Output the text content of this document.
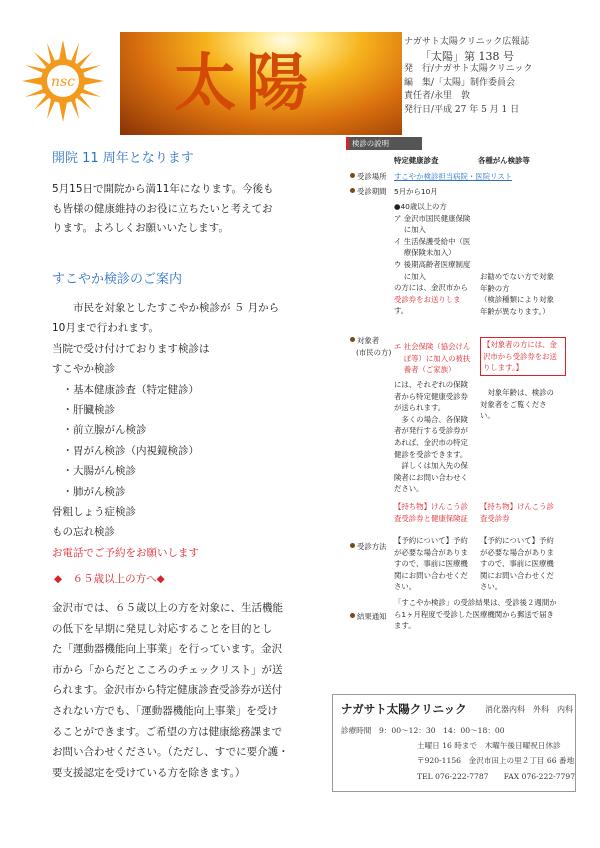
nsc 太陽
ナガサト太陽クリニック広報誌
「太陽」第 138 号
発　行/ナガサト太陽クリニック
編　集/「太陽」制作委員会
責任者/永里　敦
発行日/平成 27 年 5 月 1 日
開院 11 周年となります
5月15日で開院から満11年になります。今後も
も皆様の健康維持のお役に立ちたいと考えてお
ります。よろしくお願いいたします。
すこやか検診のご案内
　　市民を対象としたすこやか検診が ５ 月から
10月まで行われます。
当院で受け付けております検診は
すこやか検診
　・基本健康診査（特定健診）
　・肝臓検診
　・前立腺がん検診
　・胃がん検診（内視鏡検診）
　・大腸がん検診
　・肺がん検診
骨粗しょう症検診
もの忘れ検診
お電話でご予約をお願いします
◆　６５歳以上の方へ◆
金沢市では、６５歳以上の方を対象に、生活機能
の低下を早期に発見し対応することを目的とし
た「運動器機能向上事業」を行っています。金沢
市から「からだとこころのチェックリスト」が送
られます。金沢市から特定健康診査受診券が送付
されない方でも、「運動器機能向上事業」を受け
ることができます。ご希望の方は健康総務課まで
お問い合わせください。（ただし、すでに要介護・
要支援認定を受けている方を除きます。）
検診の説明
特定健康診査	各種がん検診等
受診場所 すこやか検診担当病院・医院リスト
受診期間 5月から10月
●40歳以上の方
ア 金沢市国民健康保険
　 に加入
イ 生活保護受給中（医
　 療保険未加入）
ウ 後期高齢者医療制度
　 に加入
の方には、金沢市から
受診券をお送りしま
す。
お勧めでない方で対象
年齢の方
（検診種類により対象
年齢が異なります。）
対象者
(市民の方)
エ 社会保険（協会けん
　 ぽ等）に加入の被扶
　 養者（ご家族）
には、それぞれの保険
者から特定健康受診券
が送られます。
　多くの場合、各保険
者が発行する受診券が
あれば、金沢市の特定
健診を受診できます。
　詳しくは加入先の保
険者にお問い合わせく
ださい。
【対象者の方には、金
沢市から受診券をお送
りします。】
　対象年齢は、検診の
対象者をご覧くださ
い。
【持ち物】けんこう診
査受診券と健康保険証
【持ち物】けんこう診
査受診券
受診方法
【予約について】予約
が必要な場合がありま
すので、事前に医療機
関にお問い合わせくだ
さい。
【予約について】予約
が必要な場合がありま
すので、事前に医療機
関にお問い合わせくだ
さい。
結果通知
「すこやか検診」の受診結果は、受診後２週間か
ら1ヶ月程度で受診した医療機関から郵送で届き
ます。
ナガサト太陽クリニック 消化器内科　外科　内科
診療時間　9：00～12：30　14：00～18：00
土曜日 16 時まで　木曜午後日曜祝日休診
〒920-1156　金沢市田上の里２丁目 66 番地
TEL 076-222-7787　　FAX 076-222-7797
